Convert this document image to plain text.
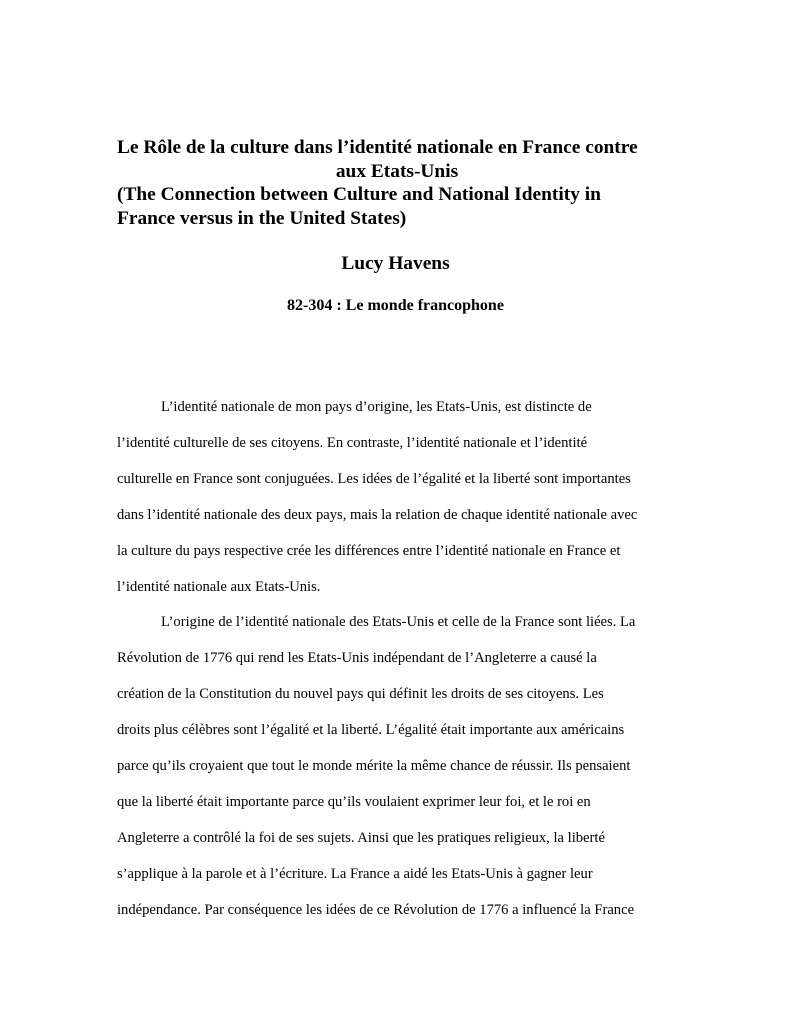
Le Rôle de la culture dans l’identité nationale en France contre
aux Etats-Unis
(The Connection between Culture and National Identity in
France versus in the United States)
Lucy Havens
82-304 : Le monde francophone
L’identité nationale de mon pays d’origine, les Etats-Unis, est distincte de
l’identité culturelle de ses citoyens. En contraste, l’identité nationale et l’identité
culturelle en France sont conjuguées. Les idées de l’égalité et la liberté sont importantes
dans l’identité nationale des deux pays, mais la relation de chaque identité nationale avec
la culture du pays respective crée les différences entre l’identité nationale en France et
l’identité nationale aux Etats-Unis.
L’origine de l’identité nationale des Etats-Unis et celle de la France sont liées. La
Révolution de 1776 qui rend les Etats-Unis indépendant de l’Angleterre a causé la
création de la Constitution du nouvel pays qui définit les droits de ses citoyens. Les
droits plus célèbres sont l’égalité et la liberté. L’égalité était importante aux américains
parce qu’ils croyaient que tout le monde mérite la même chance de réussir. Ils pensaient
que la liberté était importante parce qu’ils voulaient exprimer leur foi, et le roi en
Angleterre a contrôlé la foi de ses sujets. Ainsi que les pratiques religieux, la liberté
s’applique à la parole et à l’écriture. La France a aidé les Etats-Unis à gagner leur
indépendance. Par conséquence les idées de ce Révolution de 1776 a influencé la France
